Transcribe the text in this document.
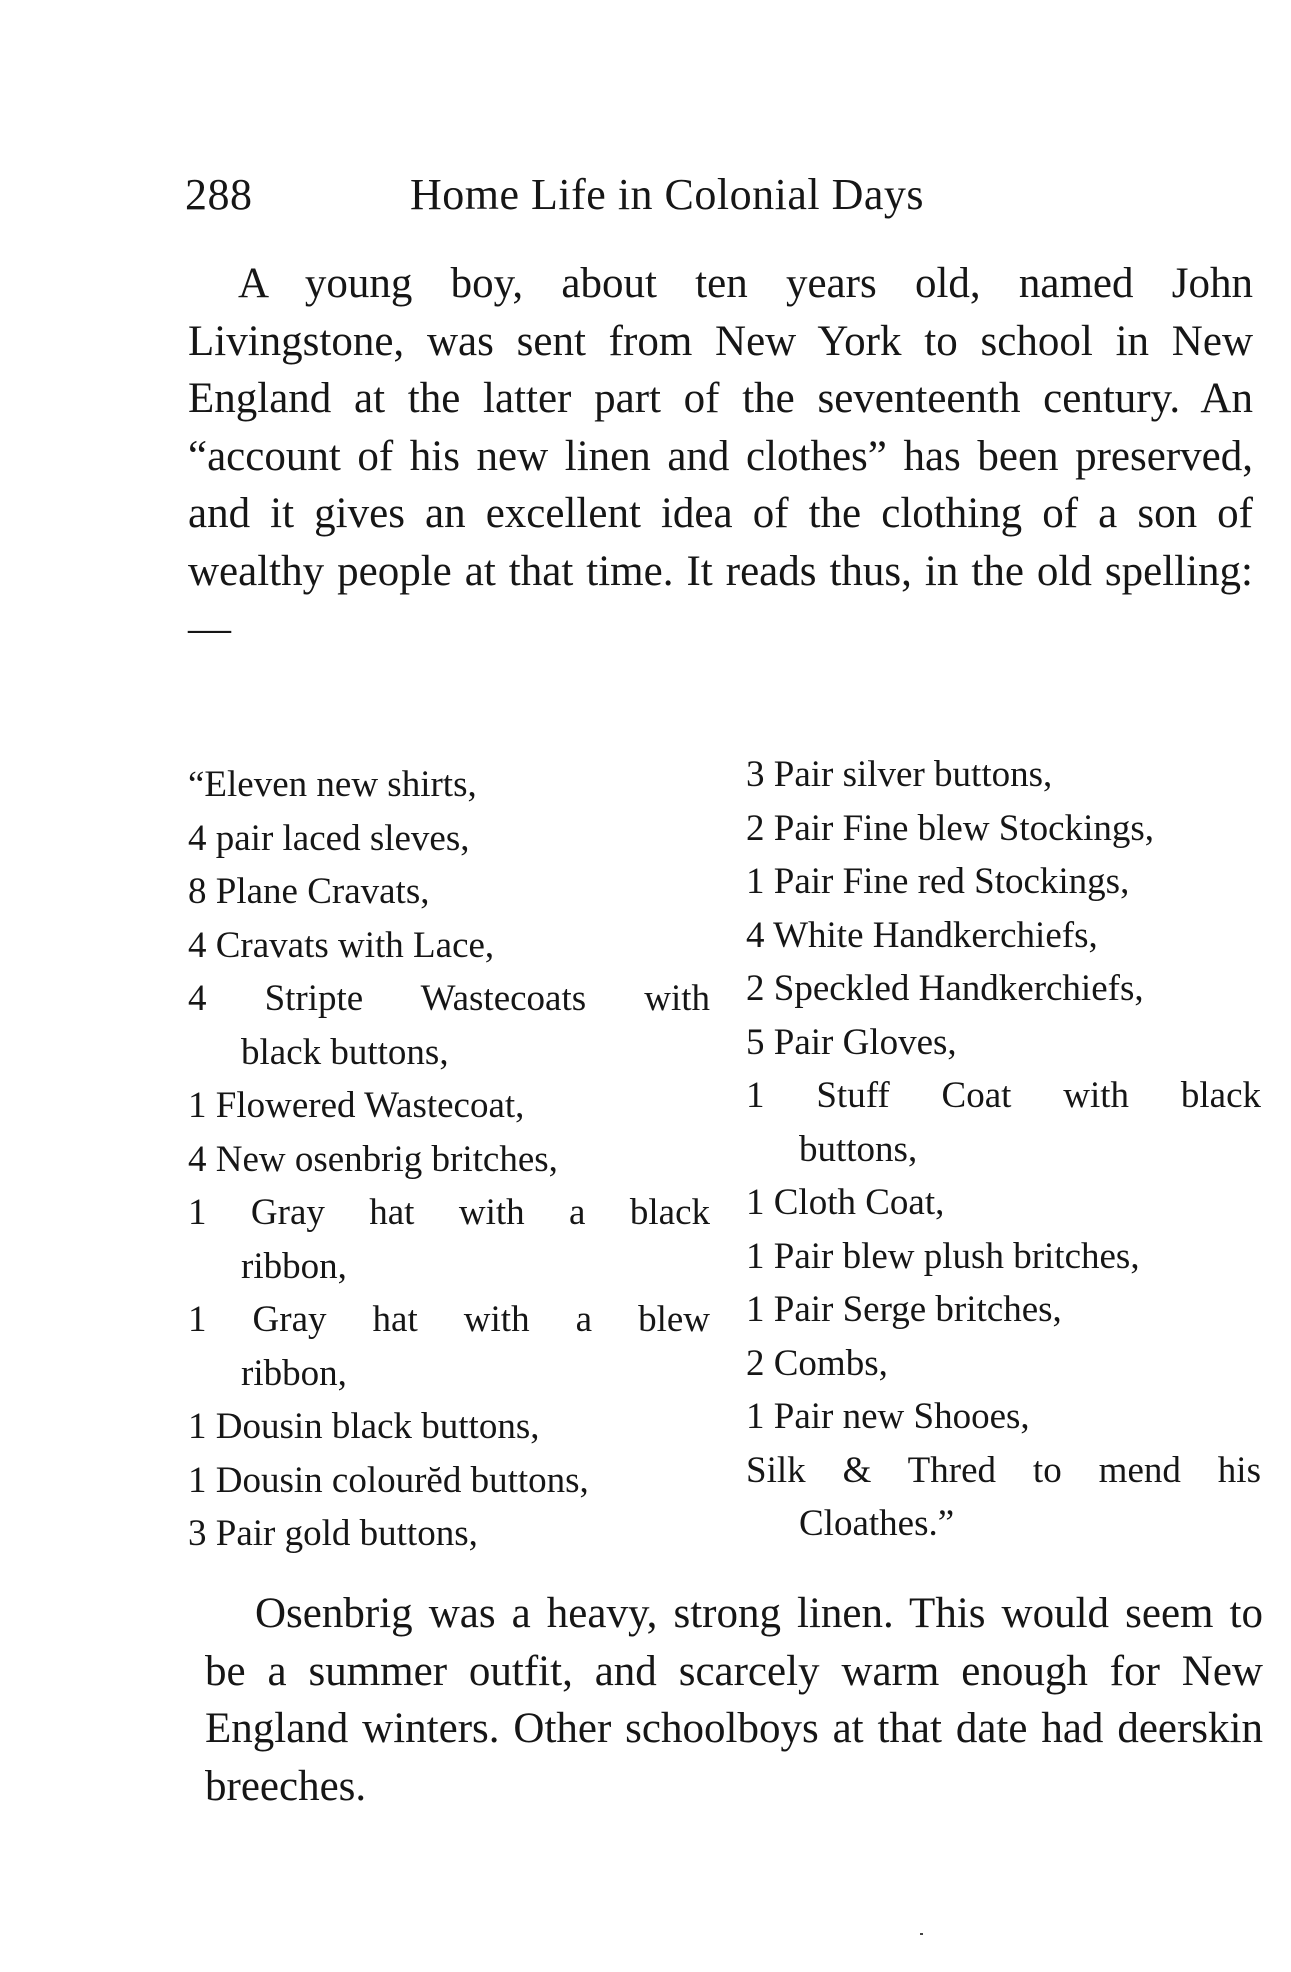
288	Home Life in Colonial Days

A young boy, about ten years old, named John Livingstone, was sent from New York to school in New England at the latter part of the seventeenth century. An “account of his new linen and clothes” has been preserved, and it gives an excellent idea of the clothing of a son of wealthy people at that time. It reads thus, in the old spelling: —

“Eleven new shirts,
4 pair laced sleves,
8 Plane Cravats,
4 Cravats with Lace,
4 Stripte Wastecoats with
black buttons,
1 Flowered Wastecoat,
4 New osenbrig britches,
1 Gray hat with a black
ribbon,
1 Gray hat with a blew
ribbon,
1 Dousin black buttons,
1 Dousin colourĕd buttons,
3 Pair gold buttons,
3 Pair silver buttons,
2 Pair Fine blew Stockings,
1 Pair Fine red Stockings,
4 White Handkerchiefs,
2 Speckled Handkerchiefs,
5 Pair Gloves,
1 Stuff Coat with black
buttons,
1 Cloth Coat,
1 Pair blew plush britches,
1 Pair Serge britches,
2 Combs,
1 Pair new Shooes,
Silk & Thred to mend his
Cloathes.”

Osenbrig was a heavy, strong linen. This would seem to be a summer outfit, and scarcely warm enough for New England winters. Other schoolboys at that date had deerskin breeches.
